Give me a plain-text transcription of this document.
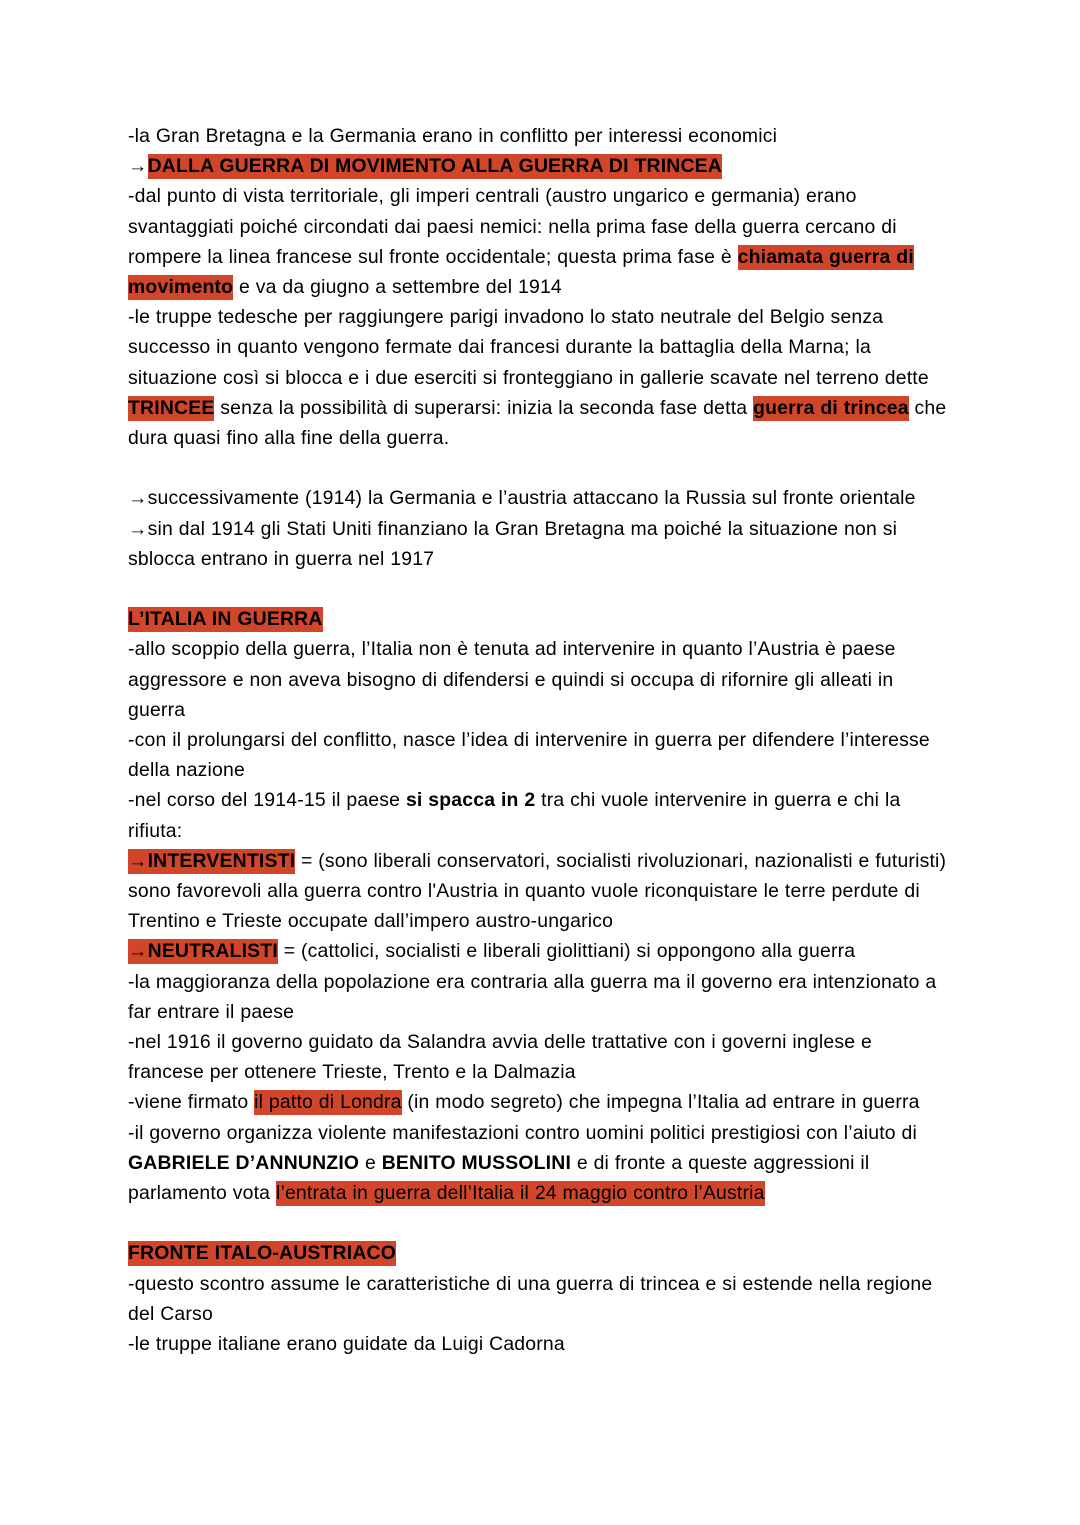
-la Gran Bretagna e la Germania erano in conflitto per interessi economici

→DALLA GUERRA DI MOVIMENTO ALLA GUERRA DI TRINCEA

-dal punto di vista territoriale, gli imperi centrali (austro ungarico e germania) erano svantaggiati poiché circondati dai paesi nemici: nella prima fase della guerra cercano di rompere la linea francese sul fronte occidentale; questa prima fase è chiamata guerra di movimento e va da giugno a settembre del 1914

-le truppe tedesche per raggiungere parigi invadono lo stato neutrale del Belgio senza successo in quanto vengono fermate dai francesi durante la battaglia della Marna; la situazione così si blocca e i due eserciti si fronteggiano in gallerie scavate nel terreno dette TRINCEE senza la possibilità di superarsi: inizia la seconda fase detta guerra di trincea che dura quasi fino alla fine della guerra.

→successivamente (1914) la Germania e l’austria attaccano la Russia sul fronte orientale

→sin dal 1914 gli Stati Uniti finanziano la Gran Bretagna ma poiché la situazione non si sblocca entrano in guerra nel 1917

L’ITALIA IN GUERRA

-allo scoppio della guerra, l’Italia non è tenuta ad intervenire in quanto l’Austria è paese aggressore e non aveva bisogno di difendersi e quindi si occupa di rifornire gli alleati in guerra

-con il prolungarsi del conflitto, nasce l’idea di intervenire in guerra per difendere l’interesse della nazione

-nel corso del 1914-15 il paese si spacca in 2 tra chi vuole intervenire in guerra e chi la rifiuta:

→INTERVENTISTI = (sono liberali conservatori, socialisti rivoluzionari, nazionalisti e futuristi) sono favorevoli alla guerra contro l'Austria in quanto vuole riconquistare le terre perdute di Trentino e Trieste occupate dall’impero austro-ungarico

→NEUTRALISTI = (cattolici, socialisti e liberali giolittiani) si oppongono alla guerra

-la maggioranza della popolazione era contraria alla guerra ma il governo era intenzionato a far entrare il paese

-nel 1916 il governo guidato da Salandra avvia delle trattative con i governi inglese e francese per ottenere Trieste, Trento e la Dalmazia

-viene firmato il patto di Londra (in modo segreto) che impegna l’Italia ad entrare in guerra

-il governo organizza violente manifestazioni contro uomini politici prestigiosi con l’aiuto di GABRIELE D’ANNUNZIO e BENITO MUSSOLINI e di fronte a queste aggressioni il parlamento vota l’entrata in guerra dell’Italia il 24 maggio contro l’Austria

FRONTE ITALO-AUSTRIACO

-questo scontro assume le caratteristiche di una guerra di trincea e si estende nella regione del Carso

-le truppe italiane erano guidate da Luigi Cadorna
